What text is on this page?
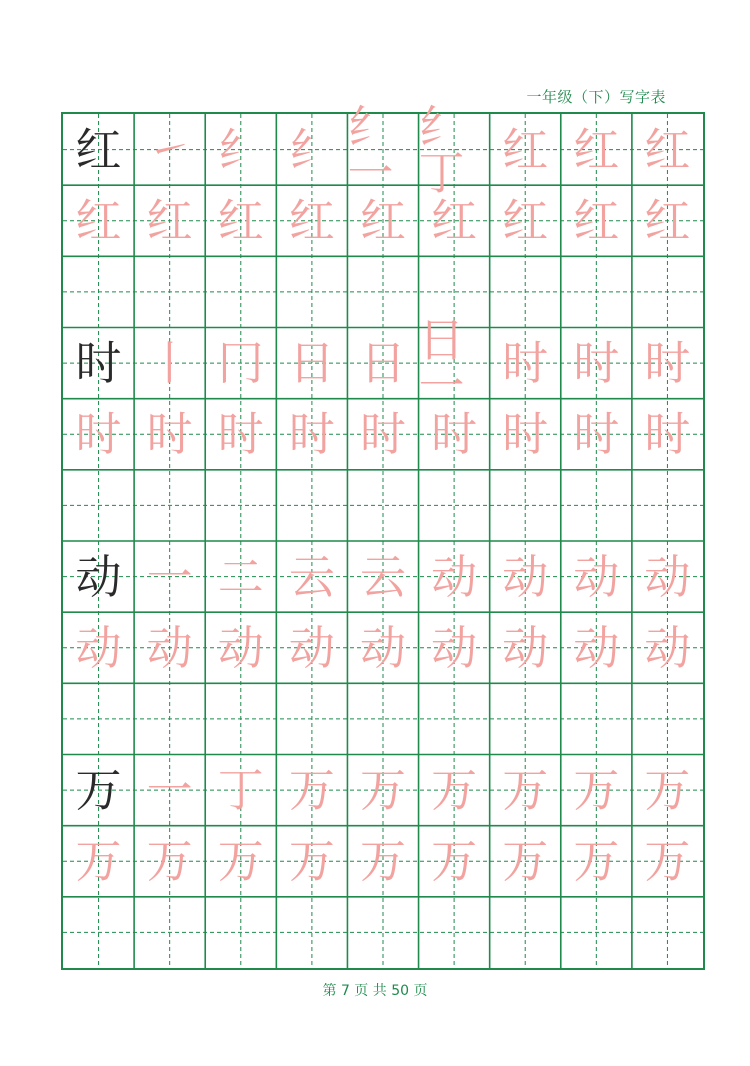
一年级（下）写字表
红 ㇀ 纟 纟 纟一
纟丁 红 红 红
红 红 红 红 红 红 红 红 红
时 丨 冂 日 日 日一 时 时 时
时 时 时 时 时 时 时 时 时
动 一 二 云 云 动 动 动 动
动 动 动 动 动 动 动 动 动
万 一 丁 万 万 万 万 万 万
万 万 万 万 万 万 万 万 万
第 7 页 共 50 页
